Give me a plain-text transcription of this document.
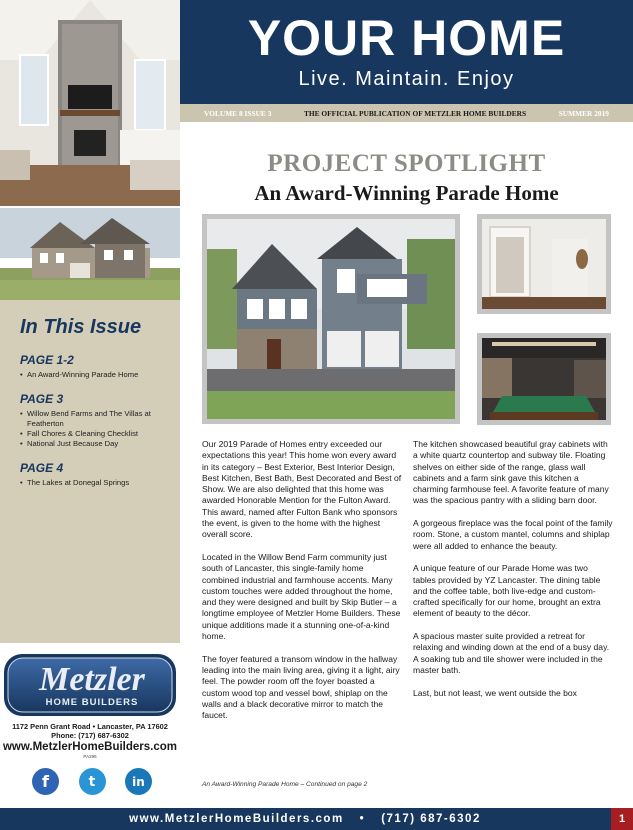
In This Issue
PAGE 1-2
• An Award-Winning Parade Home
PAGE 3
• Willow Bend Farms and The Villas at Featherton
• Fall Chores & Cleaning Checklist
• National Just Because Day
PAGE 4
• The Lakes at Donegal Springs
Metzler
HOME BUILDERS
1172 Penn Grant Road • Lancaster, PA 17602
Phone: (717) 687-6302
www.MetzlerHomeBuilders.com
PA295
f	t	in
YOUR HOME
Live. Maintain. Enjoy
VOLUME 8 ISSUE 3	THE OFFICIAL PUBLICATION OF METZLER HOME BUILDERS	SUMMER 2019
PROJECT SPOTLIGHT
An Award-Winning Parade Home

Our 2019 Parade of Homes entry exceeded our expectations this year! This home won every award in its category – Best Exterior, Best Interior Design, Best Kitchen, Best Bath, Best Decorated and Best of Show. We are also delighted that this home was awarded Honorable Mention for the Fulton Award. This award, named after Fulton Bank who sponsors the event, is given to the home with the highest overall score.

Located in the Willow Bend Farm community just south of Lancaster, this single-family home combined industrial and farmhouse accents. Many custom touches were added throughout the home, and they were designed and built by Skip Butler – a longtime employee of Metzler Home Builders. These unique additions made it a stunning one-of-a-kind home.

The foyer featured a transom window in the hallway leading into the main living area, giving it a light, airy feel. The powder room off the foyer boasted a custom wood top and vessel bowl, shiplap on the walls and a black decorative mirror to match the faucet.

The kitchen showcased beautiful gray cabinets with a white quartz countertop and subway tile. Floating shelves on either side of the range, glass wall cabinets and a farm sink gave this kitchen a charming farmhouse feel. A favorite feature of many was the spacious pantry with a sliding barn door.

A gorgeous fireplace was the focal point of the family room. Stone, a custom mantel, columns and shiplap were all added to enhance the beauty.

A unique feature of our Parade Home was two tables provided by YZ Lancaster. The dining table and the coffee table, both live-edge and custom-crafted specifically for our home, brought an extra element of beauty to the décor.

A spacious master suite provided a retreat for relaxing and winding down at the end of a busy day. A soaking tub and tile shower were included in the master bath.

Last, but not least, we went outside the box

An Award-Winning Parade Home – Continued on page 2
www.MetzlerHomeBuilders.com • (717) 687-6302	1
